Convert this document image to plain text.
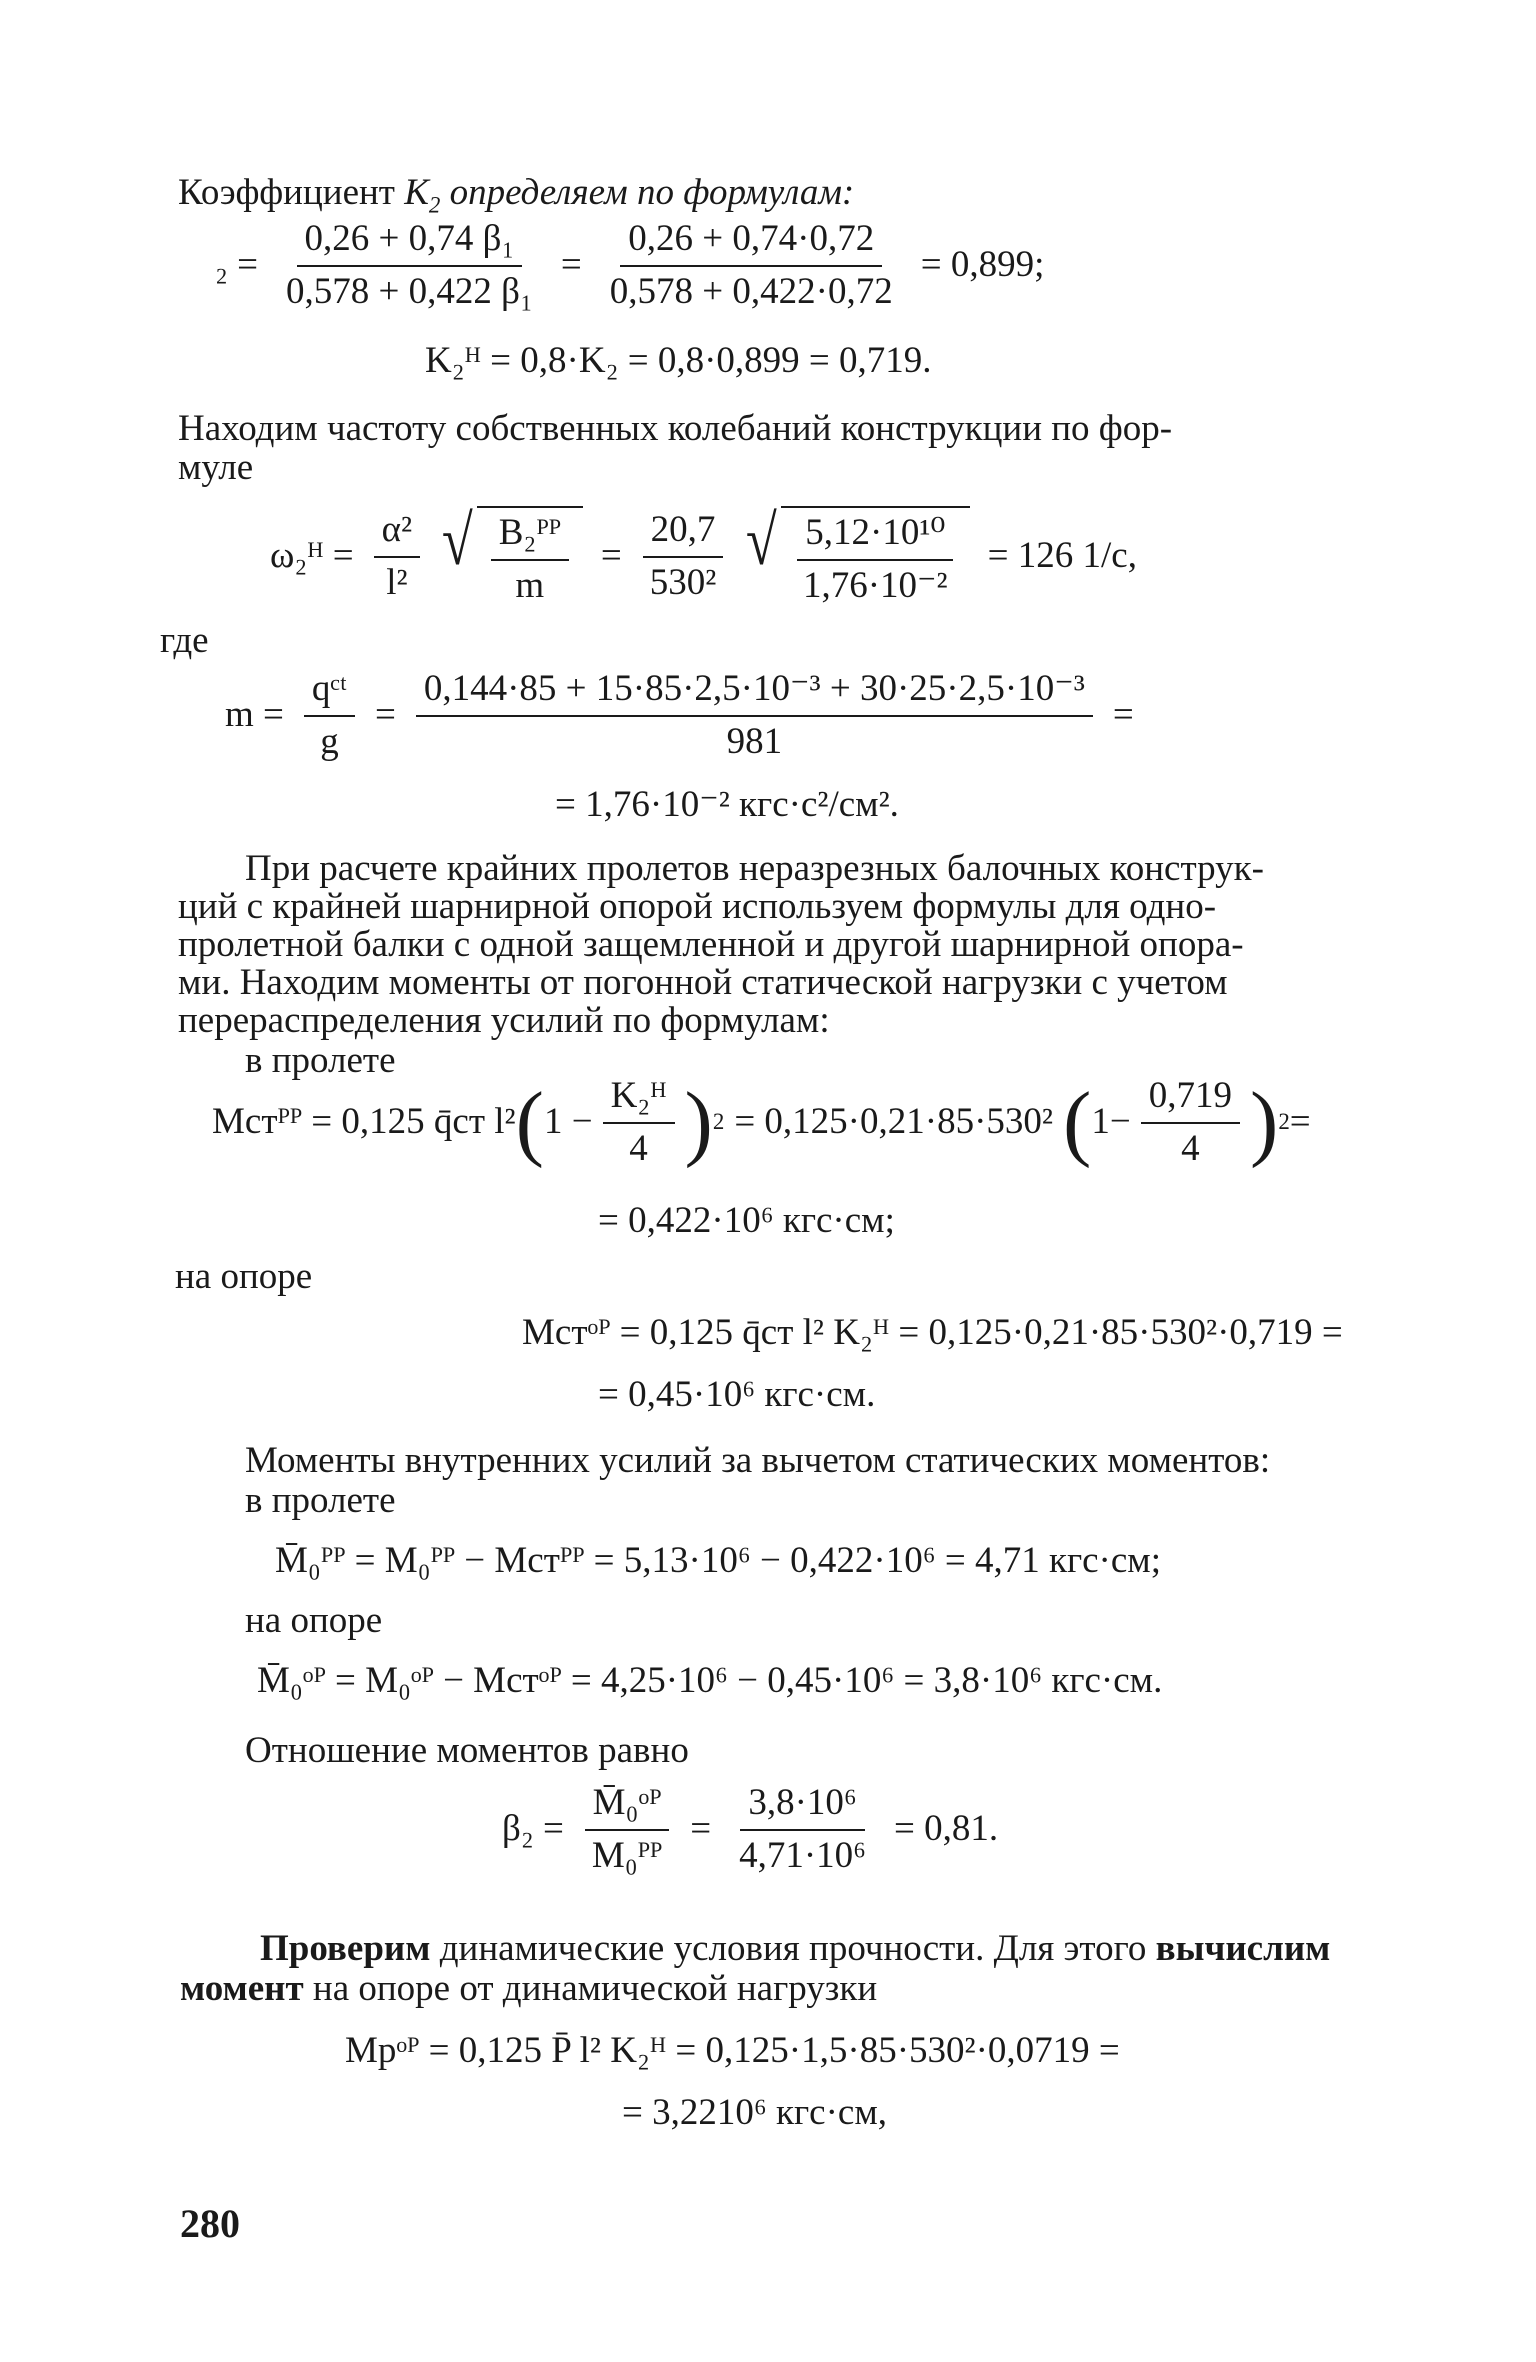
Коэффициент $K_2$ определяем по формулам:
$_2 = \frac{\text{0,26 + 0,74 β₁}}{\text{0,578 + 0,422 β₁}} = \frac{0,26 + 0,74\cdot 0,72}{0,578 + 0,422\cdot 0,72} = 0,899$;
K₂ᴴ = 0,8·K₂ = 0,8·0,899 = 0,719.
Находим частоту собственных колебаний конструкции по фор-
муле
ω₂ᴴ = $\frac{\text{α²}}{\text{l²}}$ √ $\frac{\text{B₂ᴾᴾ}}{m} = \frac{20,7}{\text{530²}}$ √ $\frac{\text{5,12·10¹⁰}}{\text{1,76·10⁻²}} = 126$ 1/c,
где
$m = \frac{\text{qᶜᵗ}}{g} = \frac{\text{0,144·85 + 15·85·2,5·10⁻³ + 30·25·2,5·10⁻³}}{981}$ =
= 1,76·10⁻² кгс·с²/см².
При расчете крайних пролетов неразрезных балочных конструк-
ций с крайней шарнирной опорой используем формулы для одно-
пролетной балки с одной защемленной и другой шарнирной опора-
ми. Находим моменты от погонной статической нагрузки с учетом
перераспределения усилий по формулам:
в пролете
Mстᴾᴾ = 0,125 q̄ст l² ( $1 - \frac{\text{K₂ᴴ}}{4}$ ) 2 = 0,125·0,21·85·530² ( $1- \frac{0,719}{4}$ ) 2 =
= 0,422·10⁶ кгс·см;
на опоре
Mстᵒᴾ = 0,125 q̄ст l² K₂ᴴ = 0,125·0,21·85·530²·0,719 =
= 0,45·10⁶ кгс·см.
Моменты внутренних усилий за вычетом статических моментов:
в пролете
M̄₀ᴾᴾ = M₀ᴾᴾ − Mстᴾᴾ = 5,13·10⁶ − 0,422·10⁶ = 4,71 кгс·см;
на опоре
M̄₀ᵒᴾ = M₀ᵒᴾ − Mстᵒᴾ = 4,25·10⁶ − 0,45·10⁶ = 3,8·10⁶ кгс·см.
Отношение моментов равно
$\beta_2 = \frac{\text{M̄₀ᵒᴾ}}{\text{M₀ᴾᴾ}} = \frac{\text{3,8·10⁶}}{\text{4,71·10⁶}} = 0,81$.
Проверим динамические условия прочности. Для этого вычислим
момент на опоре от динамической нагрузки
Mрᵒᴾ = 0,125 P̄ l² K₂ᴴ = 0,125·1,5·85·530²·0,0719 =
= 3,2210⁶ кгс·см,
280
